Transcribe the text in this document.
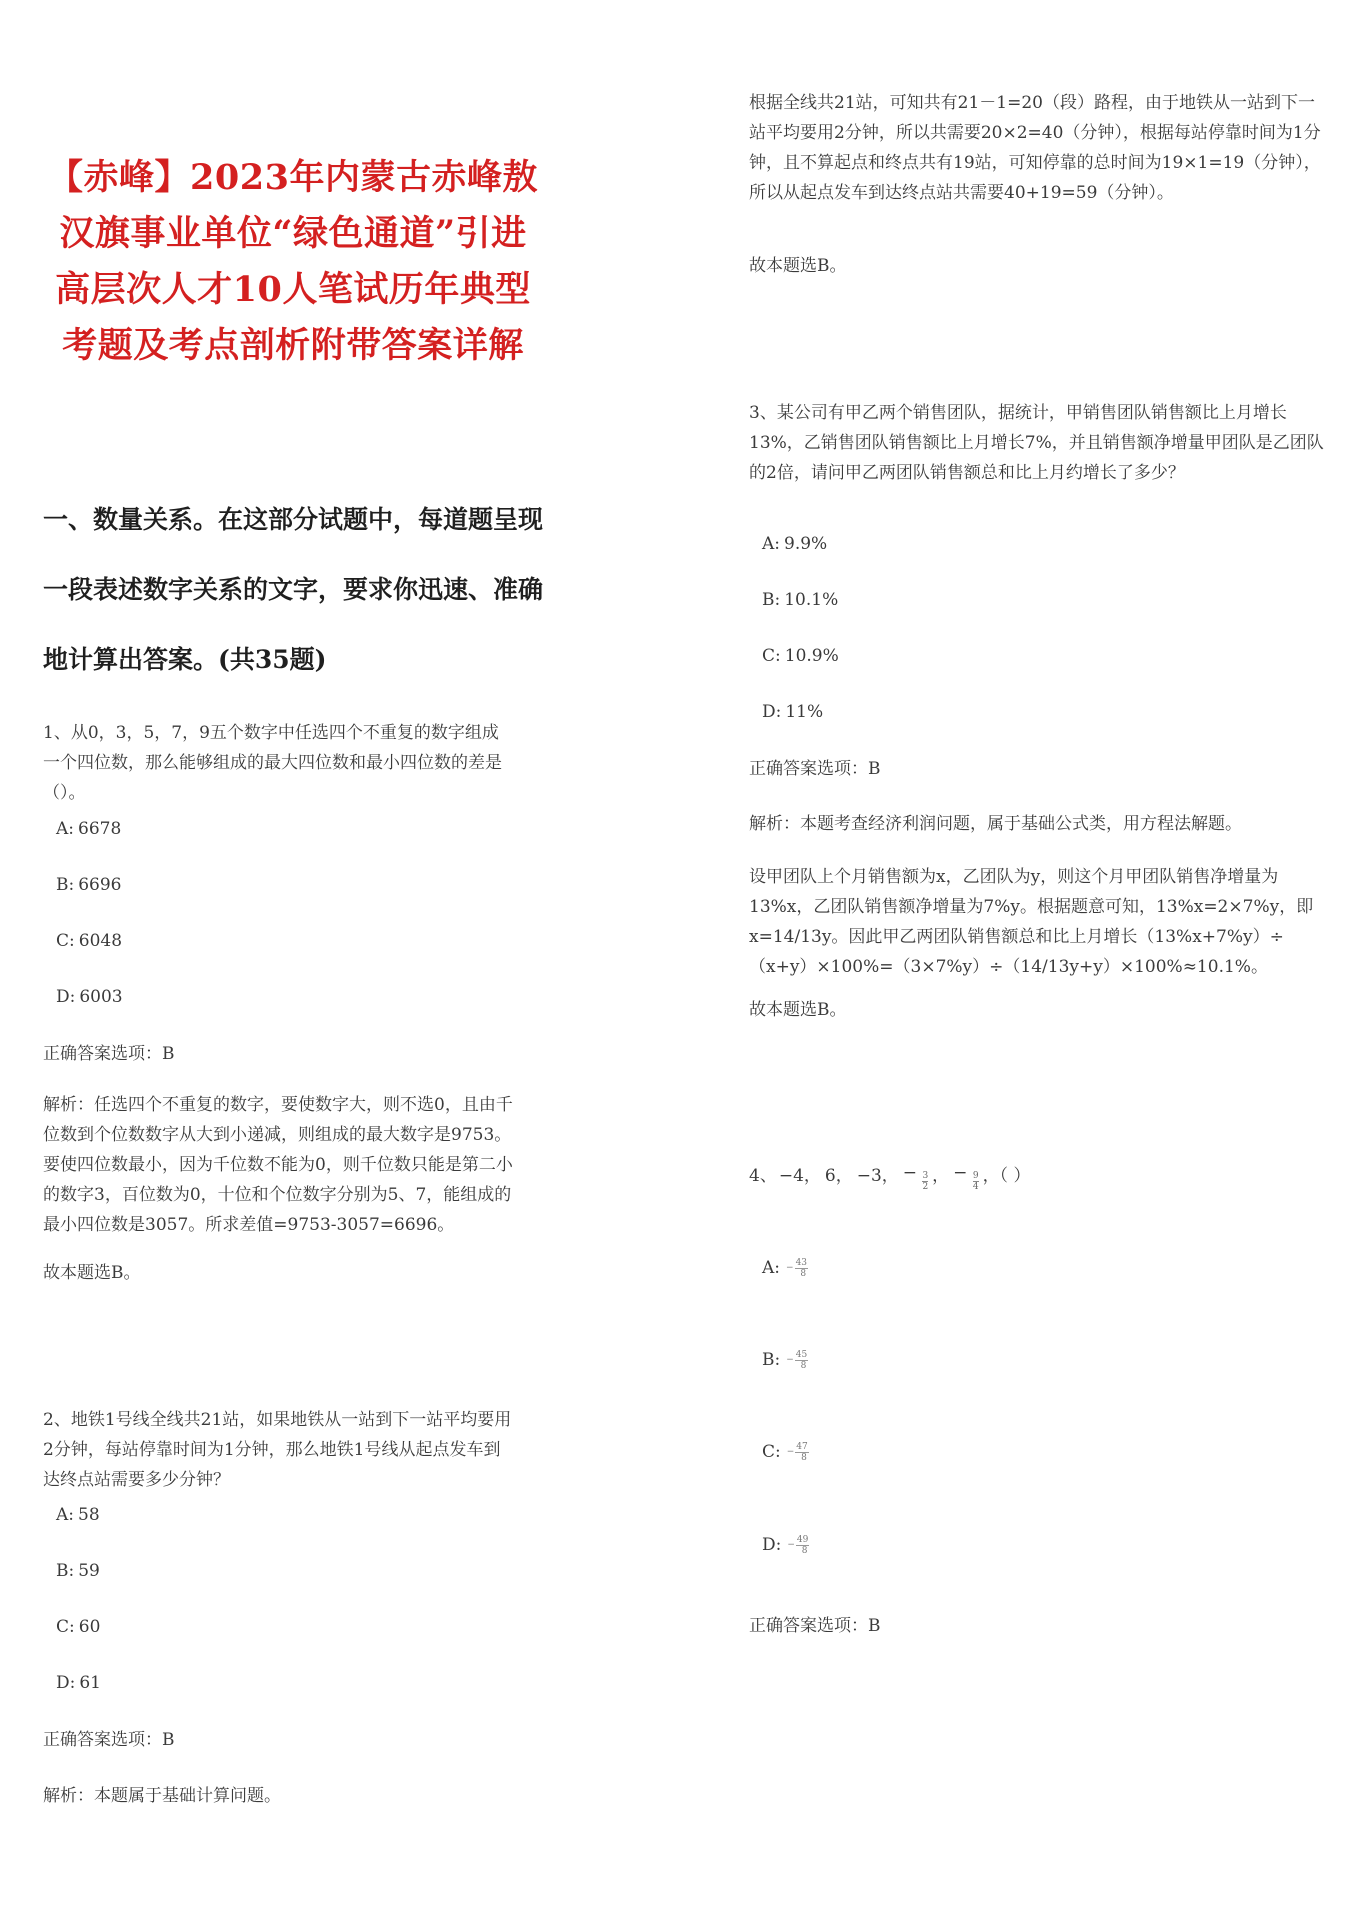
【赤峰】2023年内蒙古赤峰敖汉旗事业单位“绿色通道”引进高层次人才10人笔试历年典型考题及考点剖析附带答案详解
一、数量关系。在这部分试题中，每道题呈现一段表述数字关系的文字，要求你迅速、准确地计算出答案。(共35题)
1、从0，3，5，7，9五个数字中任选四个不重复的数字组成一个四位数，那么能够组成的最大四位数和最小四位数的差是（）。
A: 6678
B: 6696
C: 6048
D: 6003
正确答案选项：B
解析：任选四个不重复的数字，要使数字大，则不选0，且由千位数到个位数数字从大到小递减，则组成的最大数字是9753。要使四位数最小，因为千位数不能为0，则千位数只能是第二小的数字3，百位数为0，十位和个位数字分别为5、7，能组成的最小四位数是3057。所求差值=9753-3057=6696。
故本题选B。
2、地铁1号线全线共21站，如果地铁从一站到下一站平均要用2分钟，每站停靠时间为1分钟，那么地铁1号线从起点发车到达终点站需要多少分钟？
A: 58
B: 59
C: 60
D: 61
正确答案选项：B
解析：本题属于基础计算问题。
根据全线共21站，可知共有21－1=20（段）路程，由于地铁从一站到下一站平均要用2分钟，所以共需要20×2=40（分钟），根据每站停靠时间为1分钟，且不算起点和终点共有19站，可知停靠的总时间为19×1=19（分钟），所以从起点发车到达终点站共需要40+19=59（分钟）。
故本题选B。
3、某公司有甲乙两个销售团队，据统计，甲销售团队销售额比上月增长13%，乙销售团队销售额比上月增长7%，并且销售额净增量甲团队是乙团队的2倍，请问甲乙两团队销售额总和比上月约增长了多少？
A: 9.9%
B: 10.1%
C: 10.9%
D: 11%
正确答案选项：B
解析：本题考查经济利润问题，属于基础公式类，用方程法解题。
设甲团队上个月销售额为x，乙团队为y，则这个月甲团队销售净增量为13%x，乙团队销售额净增量为7%y。根据题意可知，13%x=2×7%y，即x=14/13y。因此甲乙两团队销售额总和比上月增长（13%x+7%y）÷（x+y）×100%=（3×7%y）÷（14/13y+y）×100%≈10.1%。
故本题选B。
4、 −4， 6， −3， − $\frac{3}{2}$ ， − $\frac{9}{4}$ ，（ ）
A: − $\frac{43}{8}$
B: − $\frac{45}{8}$
C: − $\frac{47}{8}$
D: − $\frac{49}{8}$
正确答案选项：B
